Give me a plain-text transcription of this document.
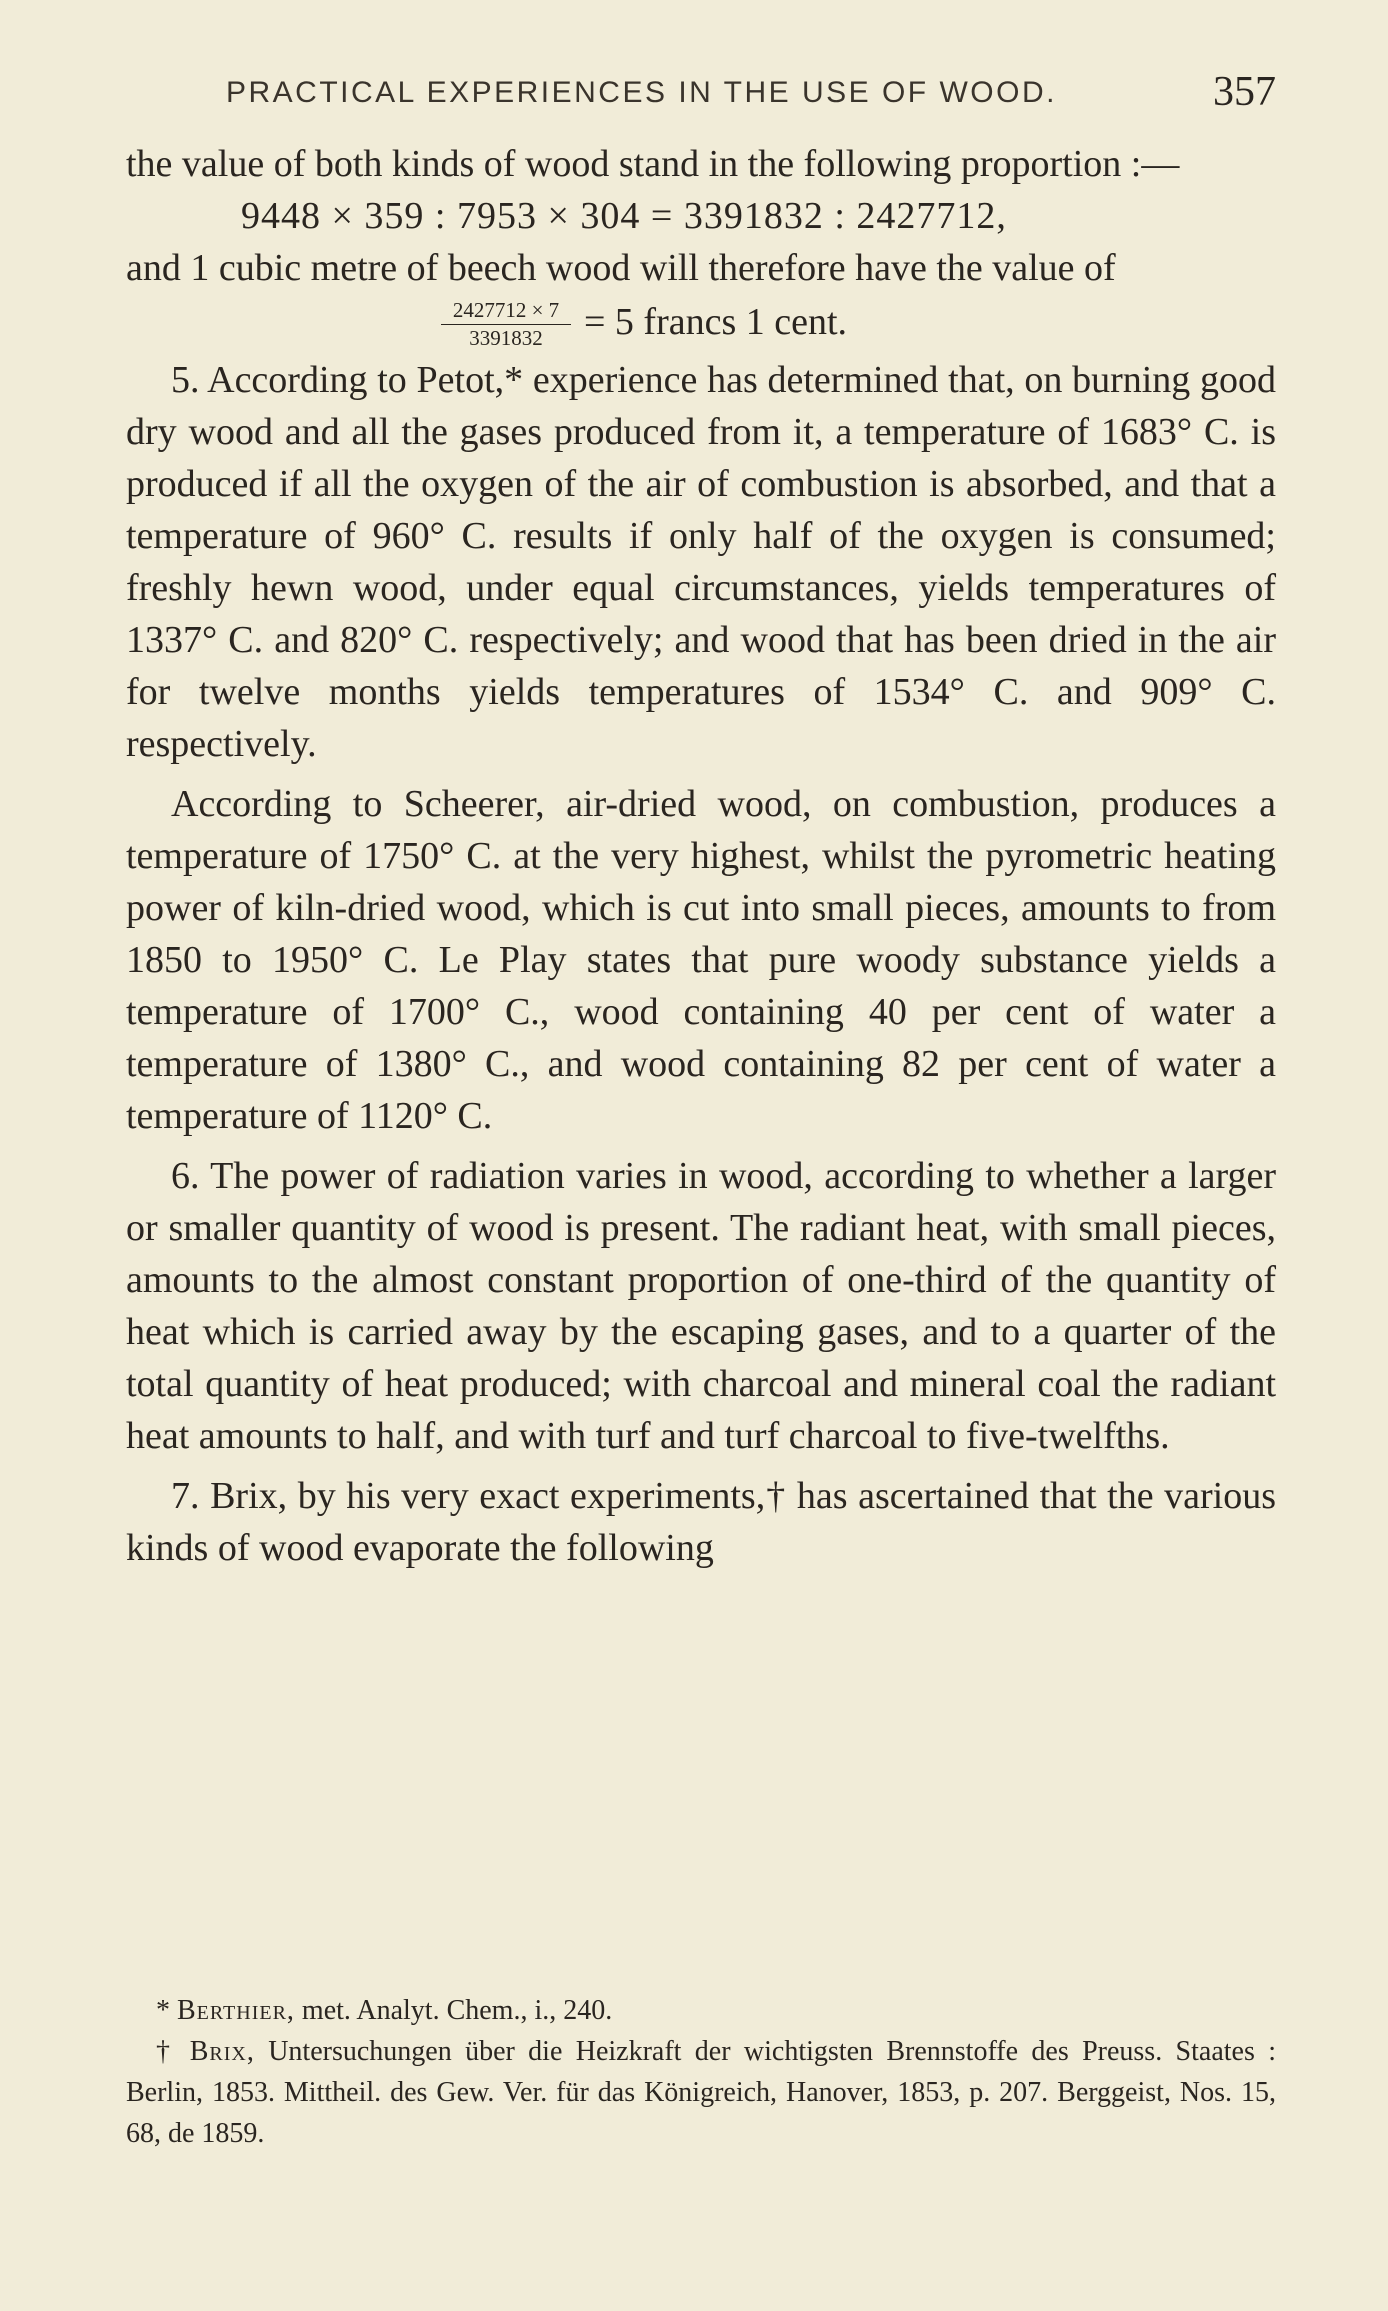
PRACTICAL EXPERIENCES IN THE USE OF WOOD.	357

the value of both kinds of wood stand in the following proportion :—

9448 × 359 : 7953 × 304 = 3391832 : 2427712,

and 1 cubic metre of beech wood will therefore have the value of

$\frac{2427712 \times 7}{3391832} = 5$ francs 1 cent.

5. According to Petot,* experience has determined that, on burning good dry wood and all the gases produced from it, a temperature of 1683° C. is produced if all the oxygen of the air of combustion is absorbed, and that a temperature of 960° C. results if only half of the oxygen is consumed; freshly hewn wood, under equal circumstances, yields temperatures of 1337° C. and 820° C. respectively; and wood that has been dried in the air for twelve months yields temperatures of 1534° C. and 909° C. respectively.

According to Scheerer, air-dried wood, on combustion, produces a temperature of 1750° C. at the very highest, whilst the pyrometric heating power of kiln-dried wood, which is cut into small pieces, amounts to from 1850 to 1950° C. Le Play states that pure woody substance yields a temperature of 1700° C., wood containing 40 per cent of water a temperature of 1380° C., and wood containing 82 per cent of water a temperature of 1120° C.

6. The power of radiation varies in wood, according to whether a larger or smaller quantity of wood is present. The radiant heat, with small pieces, amounts to the almost constant proportion of one-third of the quantity of heat which is carried away by the escaping gases, and to a quarter of the total quantity of heat produced; with charcoal and mineral coal the radiant heat amounts to half, and with turf and turf charcoal to five-twelfths.

7. Brix, by his very exact experiments,† has ascertained that the various kinds of wood evaporate the following

* Berthier, met. Analyt. Chem., i., 240.

† Brix, Untersuchungen über die Heizkraft der wichtigsten Brennstoffe des Preuss. Staates : Berlin, 1853. Mittheil. des Gew. Ver. für das Königreich, Hanover, 1853, p. 207. Berggeist, Nos. 15, 68, de 1859.
